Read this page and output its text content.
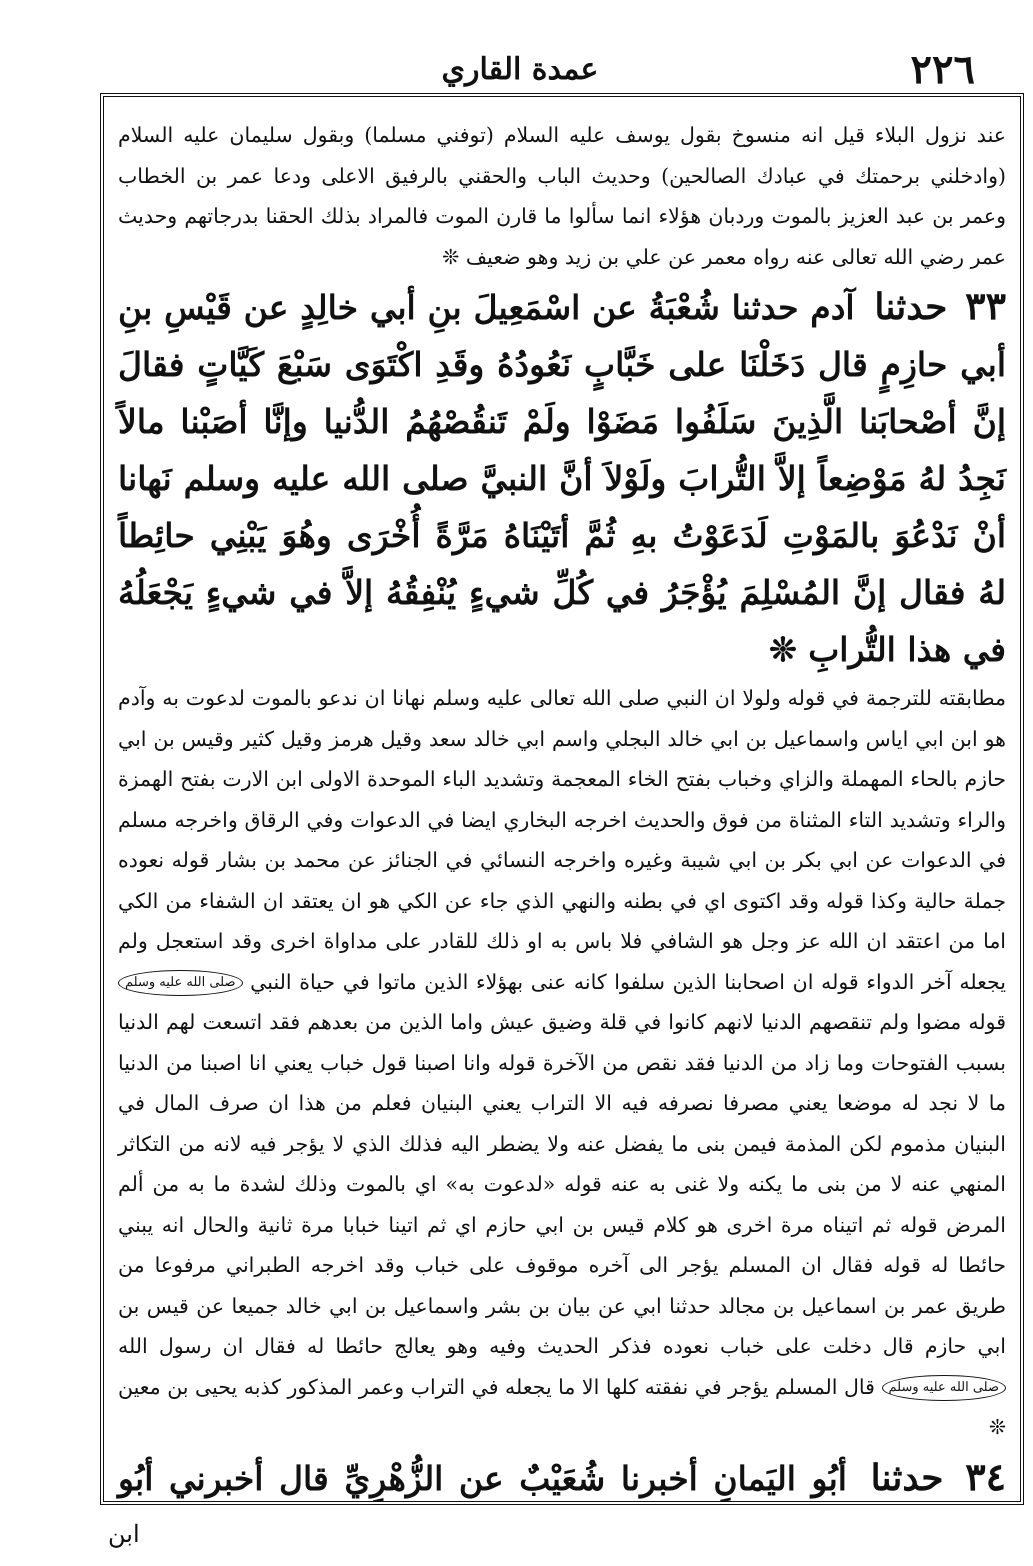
عمدة القاري	٢٢٦

عند نزول البلاء قيل انه منسوخ بقول يوسف عليه السلام (توفني مسلما) وبقول سليمان عليه السلام (وادخلني برحمتك في عبادك الصالحين) وحديث الباب والحقني بالرفيق الاعلى ودعا عمر بن الخطاب وعمر بن عبد العزيز بالموت وردبان هؤلاء انما سألوا ما قارن الموت فالمراد بذلك الحقنا بدرجاتهم وحديث عمر رضي الله تعالى عنه رواه معمر عن علي بن زيد وهو ضعيف ❊

٣٣ حدثنا آدم حدثنا شُعْبَةُ عن اسْمَعِيلَ بنِ أبي خالِدٍ عن قَيْسِ بنِ أبي حازِمٍ قال دَخَلْنَا على خَبَّابٍ نَعُودُهُ وقَدِ اكْتَوَى سَبْعَ كَيَّاتٍ فقالَ إنَّ أصْحابَنا الَّذِينَ سَلَفُوا مَضَوْا ولَمْ تَنقُصْهُمُ الدُّنيا وإنَّا أصَبْنا مالاً نَجِدُ لهُ مَوْضِعاً إلاَّ التُّرابَ ولَوْلاَ أنَّ النبيَّ صلى الله عليه وسلم نَهانا أنْ نَدْعُوَ بالمَوْتِ لَدَعَوْتُ بهِ ثُمَّ أتَيْنَاهُ مَرَّةً أُخْرَى وهُوَ يَبْنِي حائِطاً لهُ فقال إنَّ المُسْلِمَ يُؤْجَرُ في كُلِّ شيءٍ يُنْفِقُهُ إلاَّ في شيءٍ يَجْعَلُهُ في هذا التُّرابِ ❊

مطابقته للترجمة في قوله ولولا ان النبي صلى الله تعالى عليه وسلم نهانا ان ندعو بالموت لدعوت به وآدم هو ابن ابي اياس واسماعيل بن ابي خالد البجلي واسم ابي خالد سعد وقيل هرمز وقيل كثير وقيس بن ابي حازم بالحاء المهملة والزاي وخباب بفتح الخاء المعجمة وتشديد الباء الموحدة الاولى ابن الارت بفتح الهمزة والراء وتشديد التاء المثناة من فوق والحديث اخرجه البخاري ايضا في الدعوات وفي الرقاق واخرجه مسلم في الدعوات عن ابي بكر بن ابي شيبة وغيره واخرجه النسائي في الجنائز عن محمد بن بشار قوله نعوده جملة حالية وكذا قوله وقد اكتوى اي في بطنه والنهي الذي جاء عن الكي هو ان يعتقد ان الشفاء من الكي اما من اعتقد ان الله عز وجل هو الشافي فلا باس به او ذلك للقادر على مداواة اخرى وقد استعجل ولم يجعله آخر الدواء قوله ان اصحابنا الذين سلفوا كانه عنى بهؤلاء الذين ماتوا في حياة النبي صلى الله عليه وسلم قوله مضوا ولم تنقصهم الدنيا لانهم كانوا في قلة وضيق عيش واما الذين من بعدهم فقد اتسعت لهم الدنيا بسبب الفتوحات وما زاد من الدنيا فقد نقص من الآخرة قوله وانا اصبنا قول خباب يعني انا اصبنا من الدنيا ما لا نجد له موضعا يعني مصرفا نصرفه فيه الا التراب يعني البنيان فعلم من هذا ان صرف المال في البنيان مذموم لكن المذمة فيمن بنى ما يفضل عنه ولا يضطر اليه فذلك الذي لا يؤجر فيه لانه من التكاثر المنهي عنه لا من بنى ما يكنه ولا غنى به عنه قوله «لدعوت به» اي بالموت وذلك لشدة ما به من ألم المرض قوله ثم اتيناه مرة اخرى هو كلام قيس بن ابي حازم اي ثم اتينا خبابا مرة ثانية والحال انه يبني حائطا له قوله فقال ان المسلم يؤجر الى آخره موقوف على خباب وقد اخرجه الطبراني مرفوعا من طريق عمر بن اسماعيل بن مجالد حدثنا ابي عن بيان بن بشر واسماعيل بن ابي خالد جميعا عن قيس بن ابي حازم قال دخلت على خباب نعوده فذكر الحديث وفيه وهو يعالج حائطا له فقال ان رسول الله صلى الله عليه وسلم قال المسلم يؤجر في نفقته كلها الا ما يجعله في التراب وعمر المذكور كذبه يحيى بن معين ❊

٣٤ حدثنا أبُو اليَمانِ أخبرنا شُعَيْبٌ عن الزُّهْرِيِّ قال أخبرني أبُو

ابن
